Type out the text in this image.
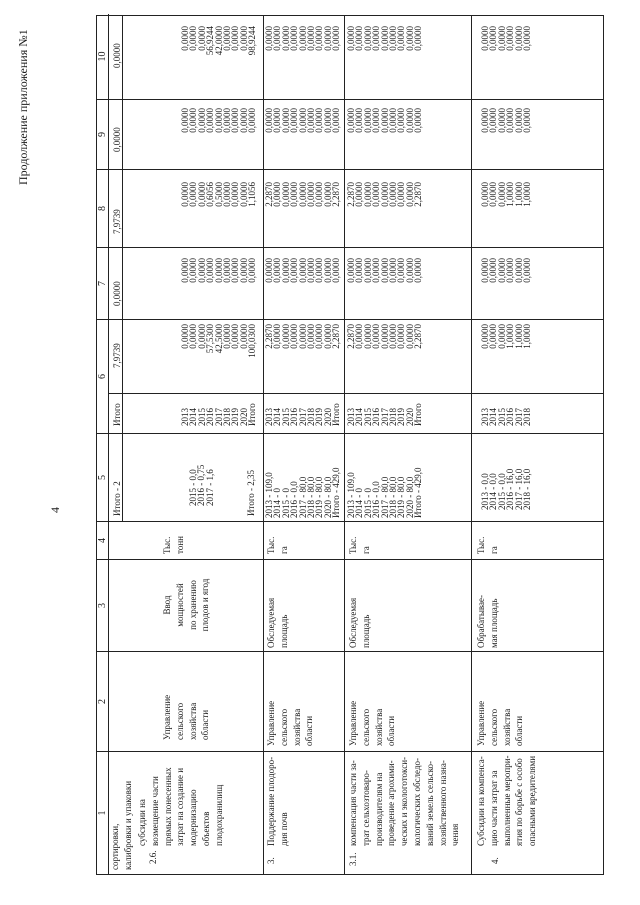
4
Продолжение приложения №1
1
2
3
4
5
6
7
8
9
10
сортировки,
калибровки и упаковки
Итого - 2
Итого
7,9739
0,0000
7,9739
0,0000
0,0000
2.6.
субсидии на
возмещение части
прямых понесенных
затрат на создание и
модернизацию
объектов
плодохранилищ
Управление
сельского
хозяйства
области
Ввод
мощностей
по хранению
плодов и ягод
Тыс.
тонн
2015 - 0,0
2016 - 0,75
2017 - 1,6	Итого - 2,35
2013
2014
2015
2016
2017
2018
2019
2020
Итого
0,0000
0,0000
0,0000
57,5300
42,5000
0,0000
0,0000
0,0000
100,0300
0,0000
0,0000
0,0000
0,0000
0,0000
0,0000
0,0000
0,0000
0,0000
0,0000
0,0000
0,0000
0,6056
0,5000
0,0000
0,0000
0,0000
1,1056
0,0000
0,0000
0,0000
0,0000
0,0000
0,0000
0,0000
0,0000
0,0000
0,0000
0,0000
0,0000
56,9244
42,0000
0,0000
0,0000
0,0000
98,9244
3.
Поддержание плодоро-
дия почв
Управление
сельского
хозяйства
области
Обследуемая
площадь
Тыс.
га
2013 - 109,0
2014 - 0
2015 - 0
2016 - 0,0
2017 - 80,0
2018 - 80,0
2019 - 80,0
2020 - 80,0
Итого - 429,0
2013
2014
2015
2016
2017
2018
2019
2020
Итого
2,2870
0,0000
0,0000
0,0000
0,0000
0,0000
0,0000
0,0000
2,2870
0,0000
0,0000
0,0000
0,0000
0,0000
0,0000
0,0000
0,0000
0,0000
2,2870
0,0000
0,0000
0,0000
0,0000
0,0000
0,0000
0,0000
2,2870
0,0000
0,0000
0,0000
0,0000
0,0000
0,0000
0,0000
0,0000
0,0000
0,0000
0,0000
0,0000
0,0000
0,0000
0,0000
0,0000
0,0000
0,0000
3.1.
компенсация части за-
трат сельхозтоваро-
производителям на
проведение агрохими-
ческих и экологотокси-
кологических обследо-
ваний земель сельско-
хозяйственного назна-
чения
Управление
сельского
хозяйства
области
Обследуемая
площадь
Тыс.
га
2013 - 109,0
2014 - 0
2015 - 0
2016 - 0,0
2017 - 80,0
2018 - 80,0
2019 - 80,0
2020 - 80,0
Итого - 429,0
2013
2014
2015
2016
2017
2018
2019
2020
Итого
2,2870
0,0000
0,0000
0,0000
0,0000
0,0000
0,0000
0,0000
2,2870
0,0000
0,0000
0,0000
0,0000
0,0000
0,0000
0,0000
0,0000
0,0000
2,2870
0,0000
0,0000
0,0000
0,0000
0,0000
0,0000
0,0000
2,2870
0,0000
0,0000
0,0000
0,0000
0,0000
0,0000
0,0000
0,0000
0,0000
0,0000
0,0000
0,0000
0,0000
0,0000
0,0000
0,0000
0,0000
0,0000
4.
Субсидии на компенса-
цию части затрат за
выполненные меропри-
ятия по борьбе с особо
опасными вредителями
Управление
сельского
хозяйства
области
Обрабатывае-
мая площадь
Тыс.
га
2013 - 0,0
2014 - 0,0
2015 - 0,0
2016 - 16,0
2017 - 16,0
2018 - 16,0
2013
2014
2015
2016
2017
2018
0,0000
0,0000
0,0000
1,0000
1,0000
1,0000
0,0000
0,0000
0,0000
0,0000
0,0000
0,0000
0,0000
0,0000
0,0000
1,0000
1,0000
1,0000
0,0000
0,0000
0,0000
0,0000
0,0000
0,0000
0,0000
0,0000
0,0000
0,0000
0,0000
0,0000
